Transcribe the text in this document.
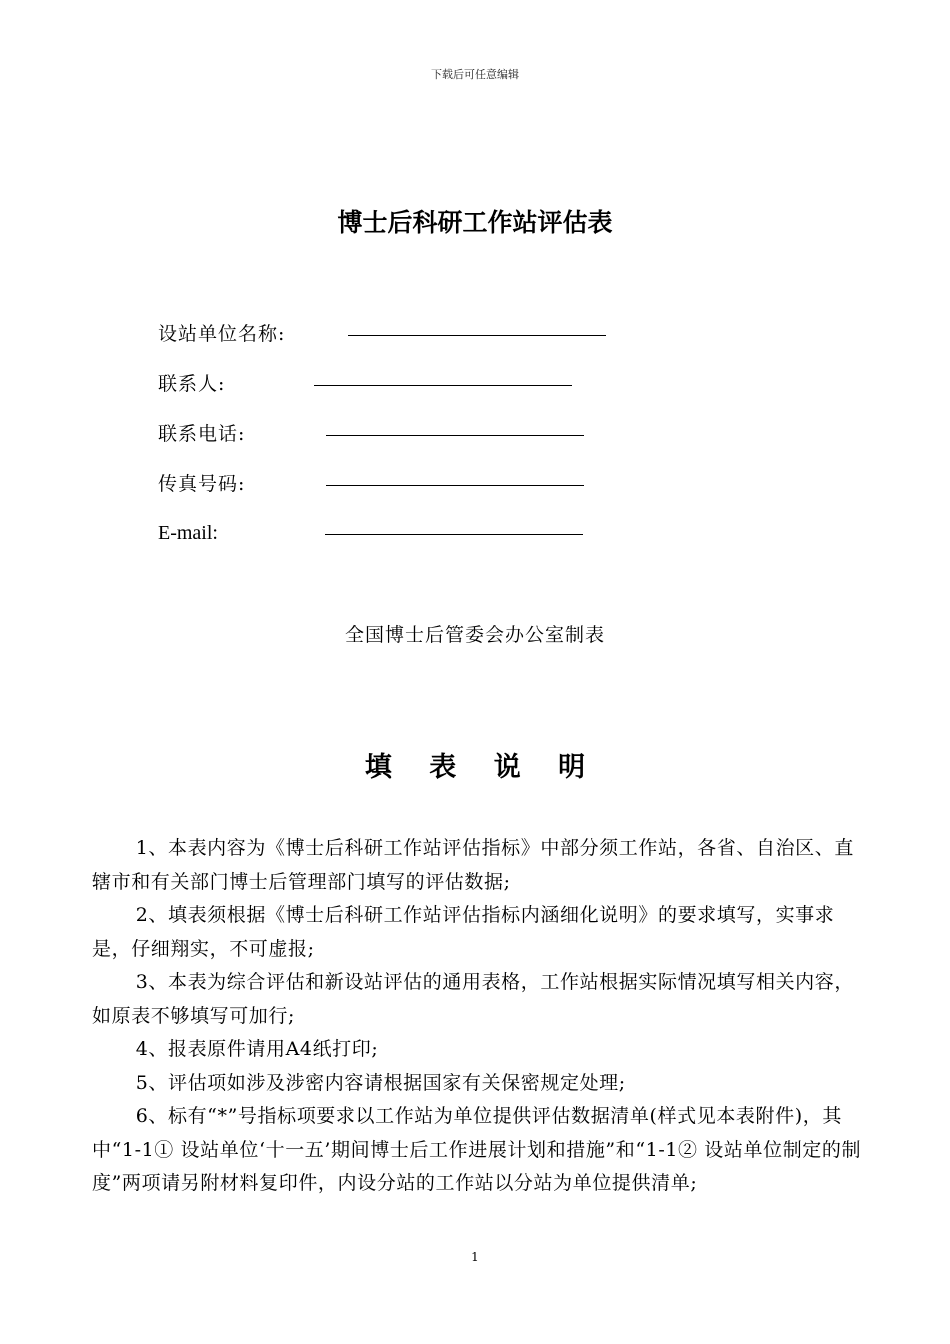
下载后可任意编辑
博士后科研工作站评估表
设站单位名称:
联系人:
联系电话:
传真号码:
E-mail:
全国博士后管委会办公室制表
填 表 说 明

1、本表内容为《博士后科研工作站评估指标》中部分须工作站，各省、自治区、直辖市和有关部门博士后管理部门填写的评估数据;

2、填表须根据《博士后科研工作站评估指标内涵细化说明》的要求填写，实事求是，仔细翔实，不可虚报;

3、本表为综合评估和新设站评估的通用表格，工作站根据实际情况填写相关内容，如原表不够填写可加行;

4、报表原件请用A4纸打印;

5、评估项如涉及涉密内容请根据国家有关保密规定处理;

6、标有“*”号指标项要求以工作站为单位提供评估数据清单(样式见本表附件)，其中“1-1① 设站单位‘十一五’期间博士后工作进展计划和措施”和“1-1② 设站单位制定的制度”两项请另附材料复印件，内设分站的工作站以分站为单位提供清单;

1
